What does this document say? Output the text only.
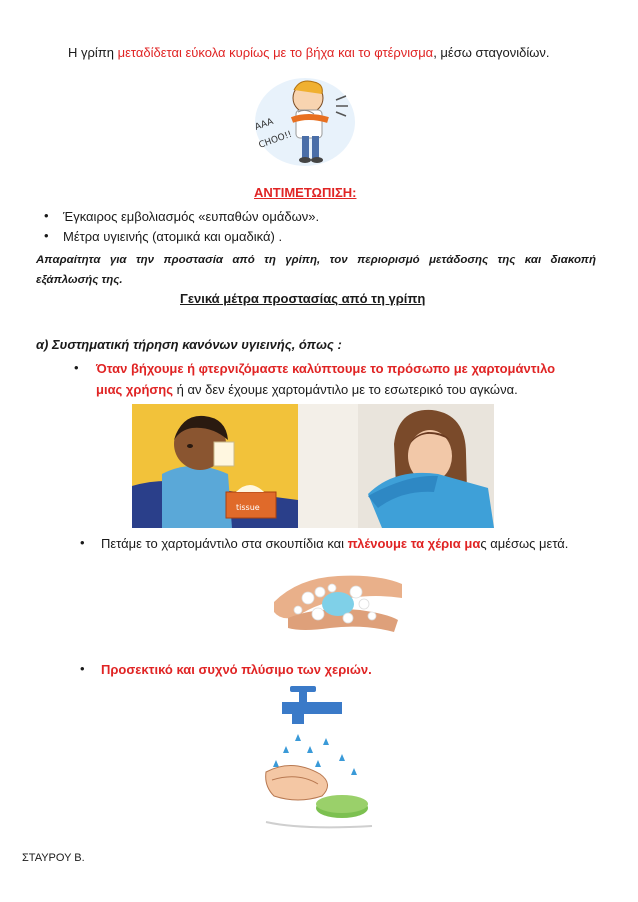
Η γρίπη μεταδίδεται εύκολα κυρίως με το βήχα και το φτέρνισμα, μέσω σταγονιδίων.
AAA
CHOO!!
ΑΝΤΙΜΕΤΩΠΙΣΗ:
• Έγκαιρος εμβολιασμός «ευπαθών ομάδων».
• Μέτρα υγιεινής (ατομικά και ομαδικά) .
Απαραίτητα για την προστασία από τη γρίπη, τον περιορισμό μετάδοσης της και διακοπή
εξάπλωσής της.
Γενικά μέτρα προστασίας από τη γρίπη
α) Συστηματική τήρηση κανόνων υγιεινής, όπως :
• Όταν βήχουμε ή φτερνιζόμαστε καλύπτουμε το πρόσωπο με χαρτομάντιλο
μιας χρήσης ή αν δεν έχουμε χαρτομάντιλο με το εσωτερικό του αγκώνα.
tissue
• Πετάμε το χαρτομάντιλο στα σκουπίδια και πλένουμε τα χέρια μας αμέσως μετά.
• Προσεκτικό και συχνό πλύσιμο των χεριών.
ΣΤΑΥΡΟΥ Β.
